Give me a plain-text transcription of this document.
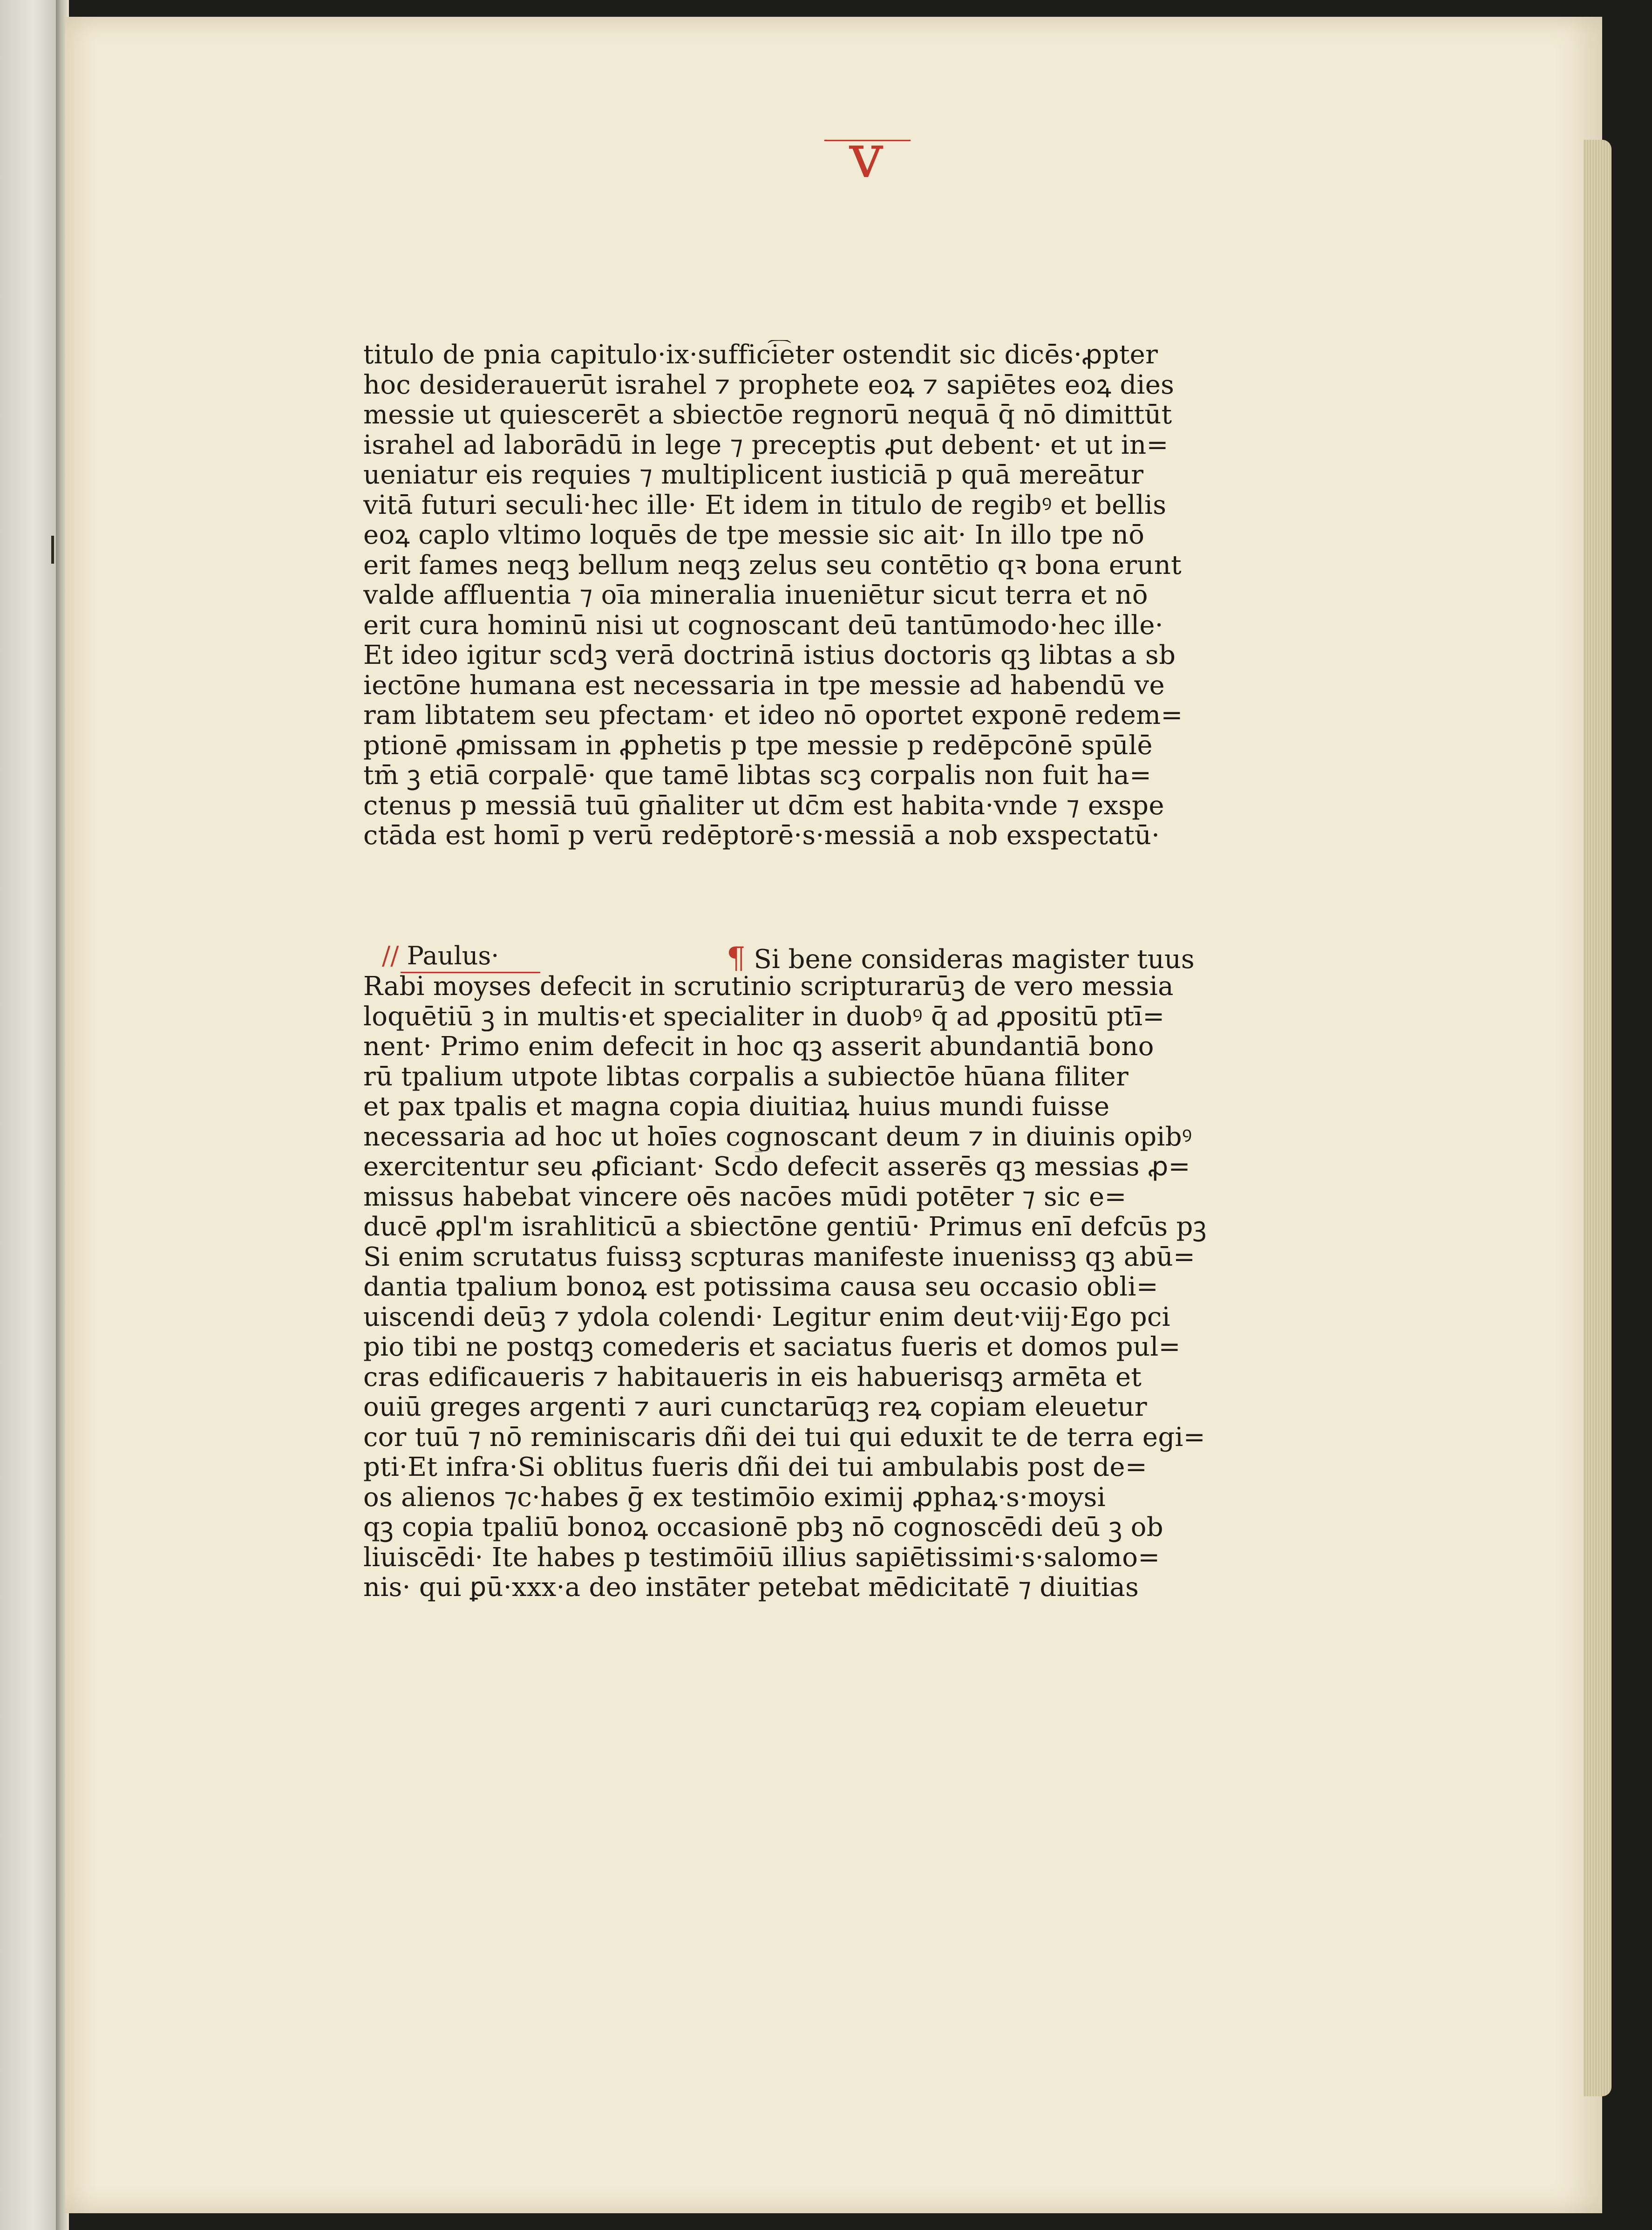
v
titulo de pnia capitulo·ix·suffici͡eter ostendit sic dicēs·ꝓpter
hoc desiderauerūt israhel ⁊ prophete eoꝝ ⁊ sapiētes eoꝝ dies
messie ut quiescerēt a sbiectōe regnorū nequā q̄ nō dimittūt
israhel ad laborādū in lege ⁊ preceptis ꝓut debent· et ut in=
ueniatur eis requies ⁊ multiplicent iusticiā p quā mereātur
vitā futuri seculi·hec ille· Et idem in titulo de regibꝰ et bellis
eoꝝ caplo vltimo loquēs de tpe messie sic ait· In illo tpe nō
erit fames neqꝫ bellum neqꝫ zelus seu contētio qꝛ bona erunt
valde affluentia ⁊ oīa mineralia inueniētur sicut terra et nō
erit cura hominū nisi ut cognoscant deū tantūmodo·hec ille·
Et ideo igitur scdꝫ verā doctrinā istius doctoris qꝫ libtas a sb
iectōne humana est necessaria in tpe messie ad habendū ve
ram libtatem seu pfectam· et ideo nō oportet exponē redem=
ptionē ꝓmissam in ꝓphetis p tpe messie p redēpcōnē spūlē
tm̄ ꝫ etiā corpalē· que tamē libtas scꝫ corpalis non fuit ha=
ctenus p messiā tuū gn̄aliter ut dc̄m est habita·vnde ⁊ exspe
ctāda est homī p verū redēptorē·s·messiā a nob exspectatū·
// Paulus·	¶ Si bene consideras magister tuus
Rabi moyses defecit in scrutinio scripturarūꝫ de vero messia
loquētiū ꝫ in multis·et specialiter in duobꝰ q̄ ad ꝓpositū ptī=
nent· Primo enim defecit in hoc qꝫ asserit abundantiā bono
rū tpalium utpote libtas corpalis a subiectōe hūana filiter
et pax tpalis et magna copia diuitiaꝝ huius mundi fuisse
necessaria ad hoc ut hoīes cognoscant deum ⁊ in diuinis opibꝰ
exercitentur seu ꝓficiant· Scd̄o defecit asserēs qꝫ messias ꝓ=
missus habebat vincere oēs nacōes mūdi potēter ⁊ sic e=
ducē ꝓpl'm israhliticū a sbiectōne gentiū· Primus enī defcūs pꝫ
Si enim scrutatus fuissꝫ scpturas manifeste inuenissꝫ qꝫ abū=
dantia tpalium bonoꝝ est potissima causa seu occasio obli=
uiscendi deūꝫ ⁊ ydola colendi· Legitur enim deut·viij·Ego pci
pio tibi ne postqꝫ comederis et saciatus fueris et domos pul=
cras edificaueris ⁊ habitaueris in eis habuerisqꝫ armēta et
ouiū greges argenti ⁊ auri cunctarūqꝫ reꝝ copiam eleuetur
cor tuū ⁊ nō reminiscaris dñi dei tui qui eduxit te de terra egi=
pti·Et infra·Si oblitus fueris dñi dei tui ambulabis post de=
os alienos ⁊c·habes ḡ ex testimōio eximij ꝓphaꝝ·s·moysi
qꝫ copia tpaliū bonoꝝ occasionē pbꝫ nō cognoscēdi deū ꝫ ob
liuiscēdi· Ite habes p testimōiū illius sapiētissimi·s·salomo=
nis· qui ꝑū·xxx·a deo instāter petebat mēdicitatē ⁊ diuitias
